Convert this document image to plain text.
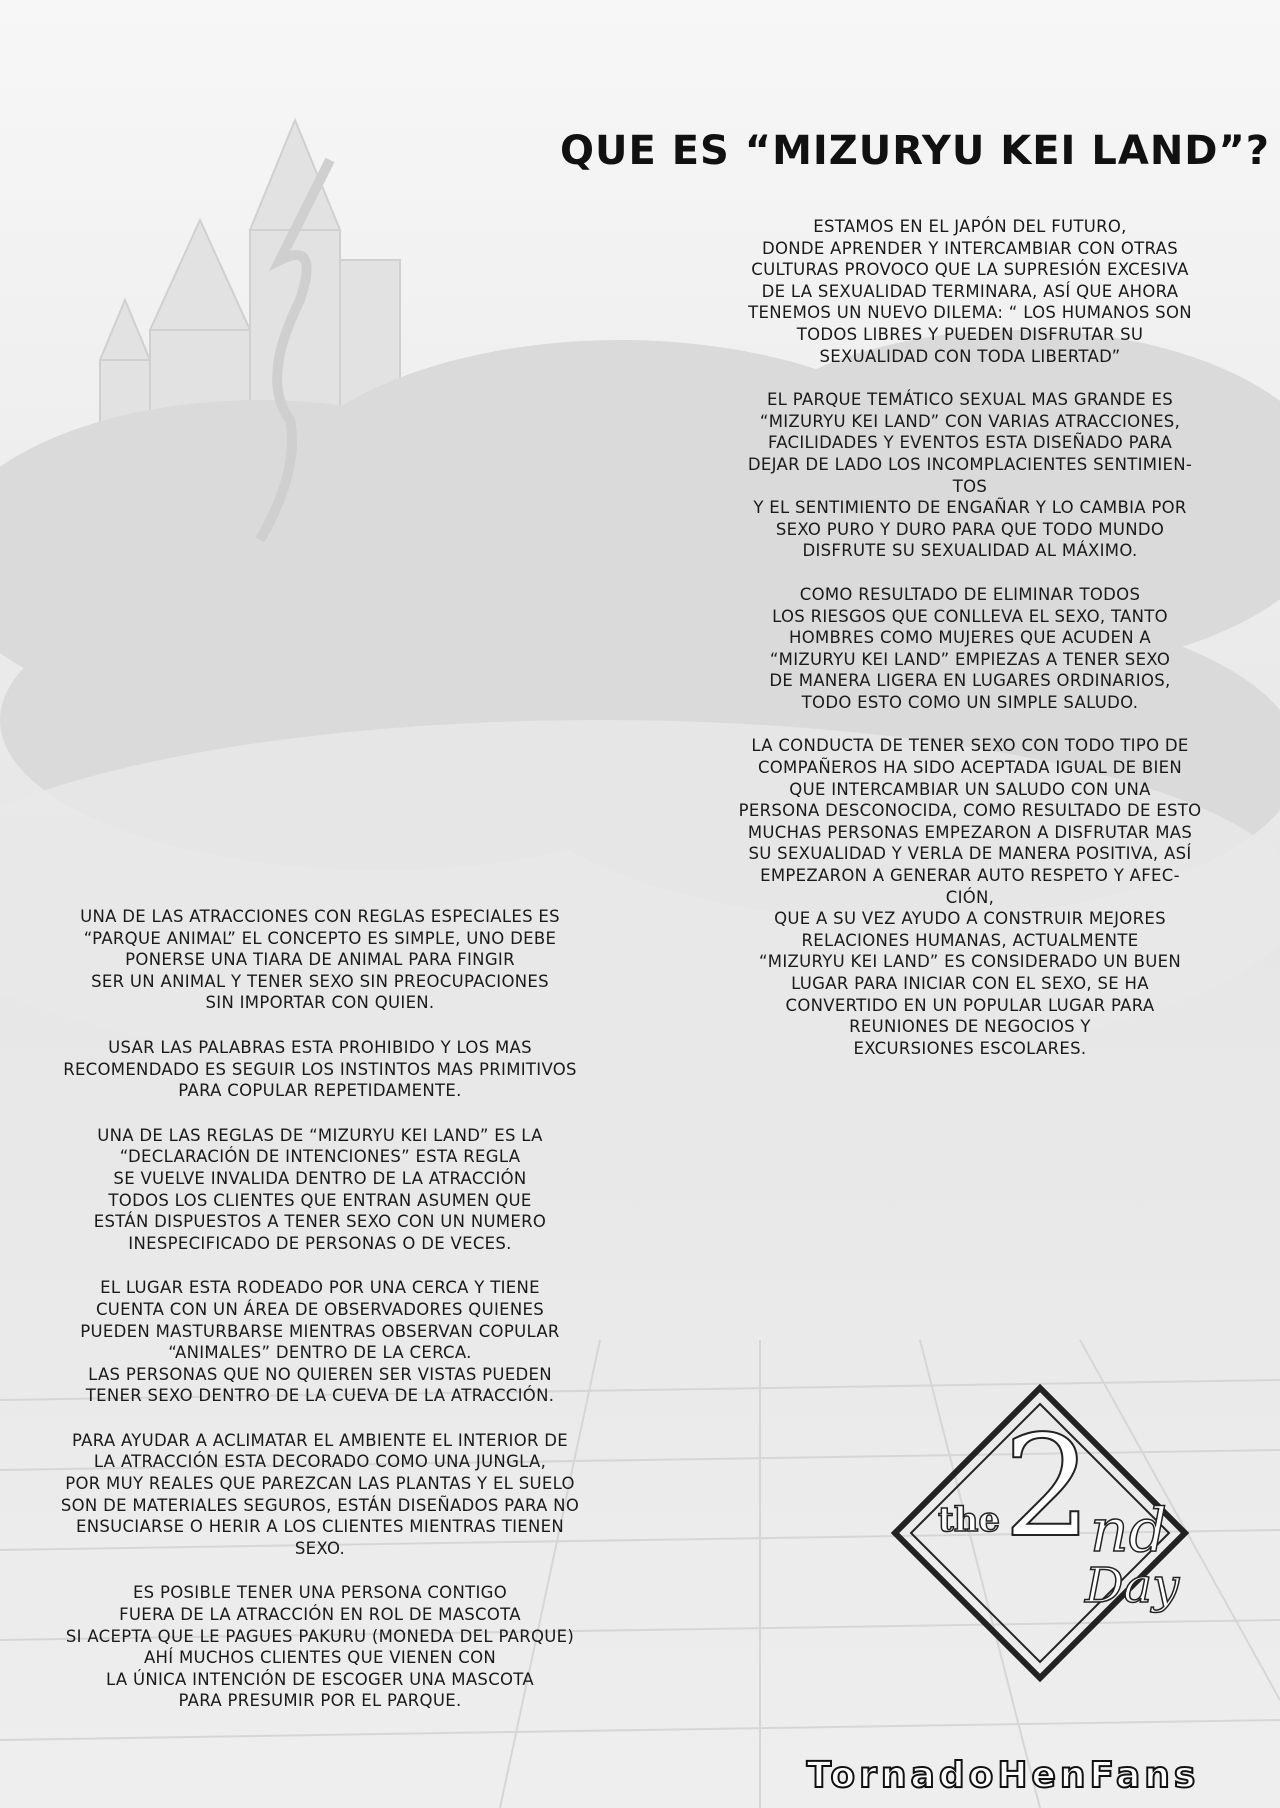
QUE ES “MIZURYU KEI LAND”?

ESTAMOS EN EL JAPÓN DEL FUTURO,
DONDE APRENDER Y INTERCAMBIAR CON OTRAS
CULTURAS PROVOCO QUE LA SUPRESIÓN EXCESIVA
DE LA SEXUALIDAD TERMINARA, ASÍ QUE AHORA
TENEMOS UN NUEVO DILEMA: “ LOS HUMANOS SON
TODOS LIBRES Y PUEDEN DISFRUTAR SU
SEXUALIDAD CON TODA LIBERTAD”

EL PARQUE TEMÁTICO SEXUAL MAS GRANDE ES
“MIZURYU KEI LAND” CON VARIAS ATRACCIONES,
FACILIDADES Y EVENTOS ESTA DISEÑADO PARA
DEJAR DE LADO LOS INCOMPLACIENTES SENTIMIEN-
TOS
Y EL SENTIMIENTO DE ENGAÑAR Y LO CAMBIA POR
SEXO PURO Y DURO PARA QUE TODO MUNDO
DISFRUTE SU SEXUALIDAD AL MÁXIMO.

COMO RESULTADO DE ELIMINAR TODOS
LOS RIESGOS QUE CONLLEVA EL SEXO, TANTO
HOMBRES COMO MUJERES QUE ACUDEN A
“MIZURYU KEI LAND” EMPIEZAS A TENER SEXO
DE MANERA LIGERA EN LUGARES ORDINARIOS,
TODO ESTO COMO UN SIMPLE SALUDO.

LA CONDUCTA DE TENER SEXO CON TODO TIPO DE
COMPAÑEROS HA SIDO ACEPTADA IGUAL DE BIEN
QUE INTERCAMBIAR UN SALUDO CON UNA
PERSONA DESCONOCIDA, COMO RESULTADO DE ESTO
MUCHAS PERSONAS EMPEZARON A DISFRUTAR MAS
SU SEXUALIDAD Y VERLA DE MANERA POSITIVA, ASÍ
EMPEZARON A GENERAR AUTO RESPETO Y AFEC-
CIÓN,
QUE A SU VEZ AYUDO A CONSTRUIR MEJORES
RELACIONES HUMANAS, ACTUALMENTE
“MIZURYU KEI LAND” ES CONSIDERADO UN BUEN
LUGAR PARA INICIAR CON EL SEXO, SE HA
CONVERTIDO EN UN POPULAR LUGAR PARA
REUNIONES DE NEGOCIOS Y
EXCURSIONES ESCOLARES.

UNA DE LAS ATRACCIONES CON REGLAS ESPECIALES ES
“PARQUE ANIMAL” EL CONCEPTO ES SIMPLE, UNO DEBE
PONERSE UNA TIARA DE ANIMAL PARA FINGIR
SER UN ANIMAL Y TENER SEXO SIN PREOCUPACIONES
SIN IMPORTAR CON QUIEN.

USAR LAS PALABRAS ESTA PROHIBIDO Y LOS MAS
RECOMENDADO ES SEGUIR LOS INSTINTOS MAS PRIMITIVOS
PARA COPULAR REPETIDAMENTE.

UNA DE LAS REGLAS DE “MIZURYU KEI LAND” ES LA
“DECLARACIÓN DE INTENCIONES” ESTA REGLA
SE VUELVE INVALIDA DENTRO DE LA ATRACCIÓN
TODOS LOS CLIENTES QUE ENTRAN ASUMEN QUE
ESTÁN DISPUESTOS A TENER SEXO CON UN NUMERO
INESPECIFICADO DE PERSONAS O DE VECES.

EL LUGAR ESTA RODEADO POR UNA CERCA Y TIENE
CUENTA CON UN ÁREA DE OBSERVADORES QUIENES
PUEDEN MASTURBARSE MIENTRAS OBSERVAN COPULAR
“ANIMALES” DENTRO DE LA CERCA.
LAS PERSONAS QUE NO QUIEREN SER VISTAS PUEDEN
TENER SEXO DENTRO DE LA CUEVA DE LA ATRACCIÓN.

PARA AYUDAR A ACLIMATAR EL AMBIENTE EL INTERIOR DE
LA ATRACCIÓN ESTA DECORADO COMO UNA JUNGLA,
POR MUY REALES QUE PAREZCAN LAS PLANTAS Y EL SUELO
SON DE MATERIALES SEGUROS, ESTÁN DISEÑADOS PARA NO
ENSUCIARSE O HERIR A LOS CLIENTES MIENTRAS TIENEN
SEXO.

ES POSIBLE TENER UNA PERSONA CONTIGO
FUERA DE LA ATRACCIÓN EN ROL DE MASCOTA
SI ACEPTA QUE LE PAGUES PAKURU (MONEDA DEL PARQUE)
AHÍ MUCHOS CLIENTES QUE VIENEN CON
LA ÚNICA INTENCIÓN DE ESCOGER UNA MASCOTA
PARA PRESUMIR POR EL PARQUE.

the 2
nd
Day
TornadoHenFans
